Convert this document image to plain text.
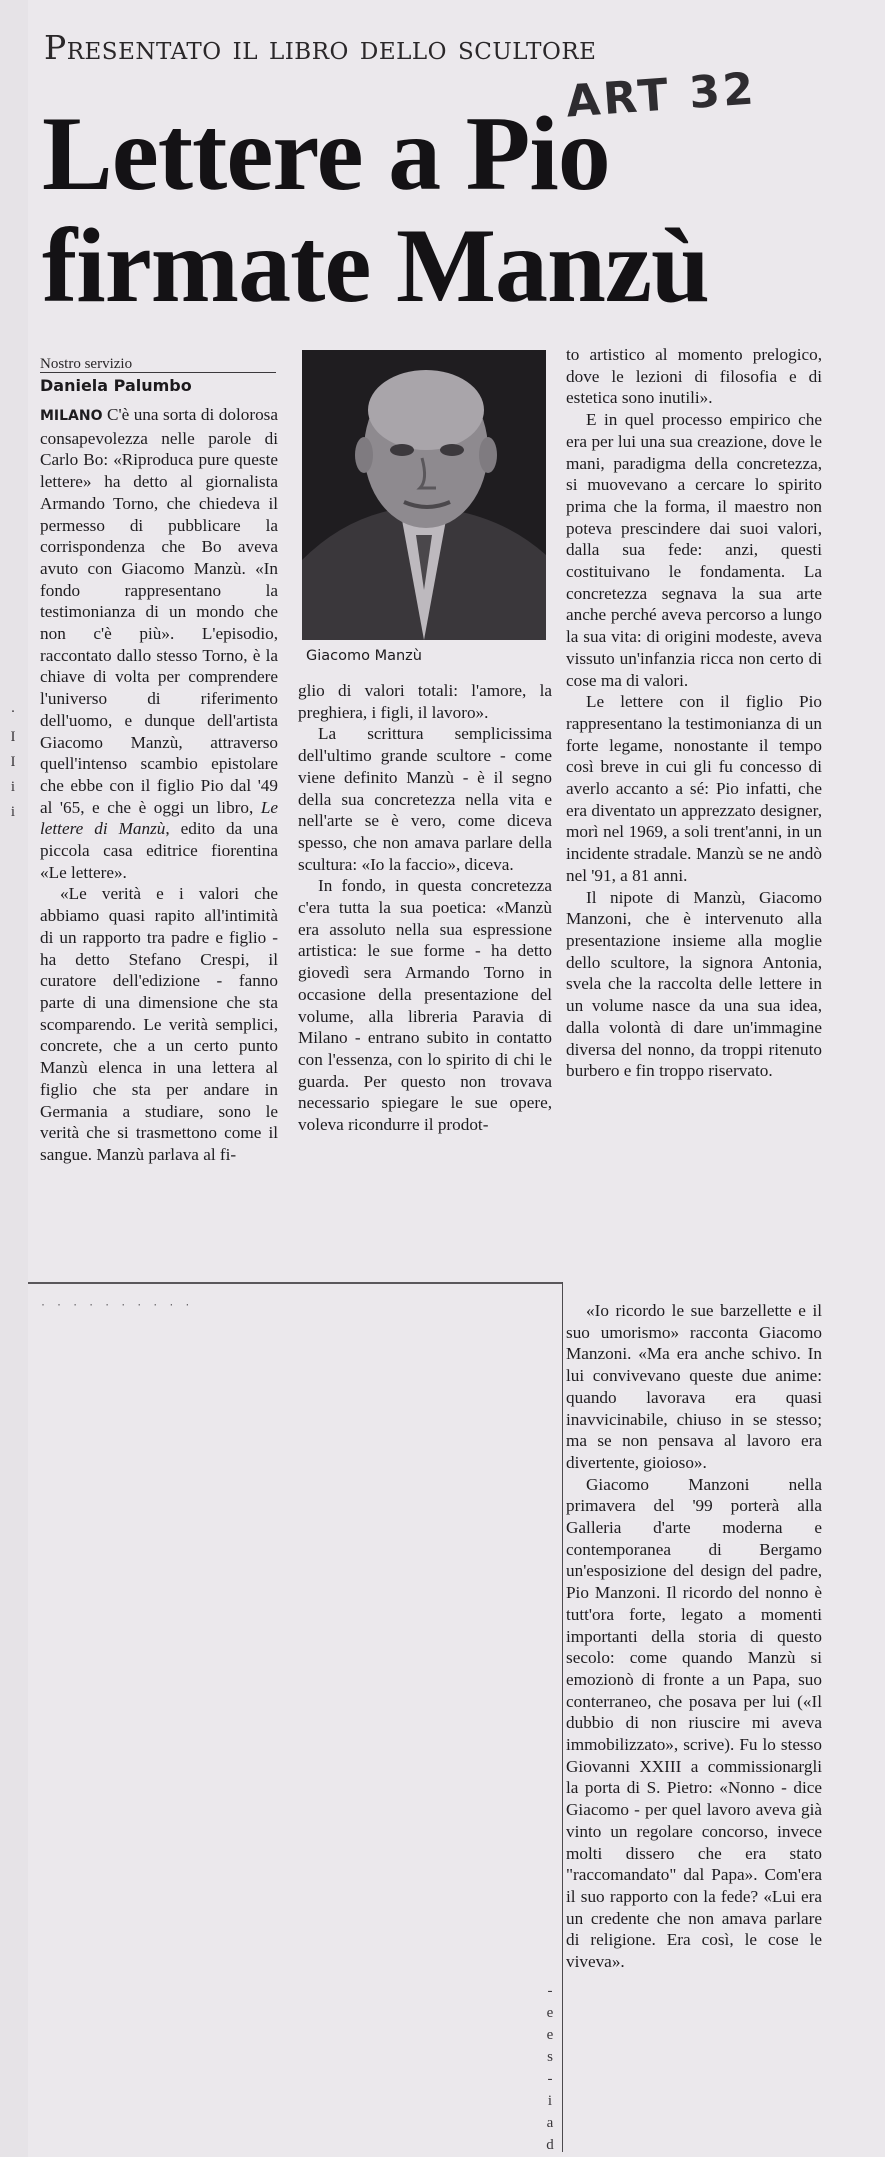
·
I
I
i
i
Presentato il libro dello scultore
ART 32
Lettere a Pio
firmate Manzù
Nostro servizio
Daniela Palumbo

MILANO C'è una sorta di dolorosa consapevolezza nelle parole di Carlo Bo: «Riproduca pure queste lettere» ha detto al giornalista Armando Torno, che chiedeva il permesso di pubblicare la corrispondenza che Bo aveva avuto con Giacomo Manzù. «In fondo rappresentano la testimonianza di un mondo che non c'è più». L'episodio, raccontato dallo stesso Torno, è la chiave di volta per comprendere l'universo di riferimento dell'uomo, e dunque dell'artista Giacomo Manzù, attraverso quell'intenso scambio epistolare che ebbe con il figlio Pio dal '49 al '65, e che è oggi un libro, Le lettere di Manzù, edito da una piccola casa editrice fiorentina «Le lettere».

«Le verità e i valori che abbiamo quasi rapito all'intimità di un rapporto tra padre e figlio - ha detto Stefano Crespi, il curatore dell'edizione - fanno parte di una dimensione che sta scomparendo. Le verità semplici, concrete, che a un certo punto Manzù elenca in una lettera al figlio che sta per andare in Germania a studiare, sono le verità che si trasmettono come il sangue. Manzù parlava al fi-

Giacomo Manzù

glio di valori totali: l'amore, la preghiera, i figli, il lavoro».

La scrittura semplicissima dell'ultimo grande scultore - come viene definito Manzù - è il segno della sua concretezza nella vita e nell'arte se è vero, come diceva spesso, che non amava parlare della scultura: «Io la faccio», diceva.

In fondo, in questa concretezza c'era tutta la sua poetica: «Manzù era assoluto nella sua espressione artistica: le sue forme - ha detto giovedì sera Armando Torno in occasione della presentazione del volume, alla libreria Paravia di Milano - entrano subito in contatto con l'essenza, con lo spirito di chi le guarda. Per questo non trovava necessario spiegare le sue opere, voleva ricondurre il prodot-

to artistico al momento prelogico, dove le lezioni di filosofia e di estetica sono inutili».

E in quel processo empirico che era per lui una sua creazione, dove le mani, paradigma della concretezza, si muovevano a cercare lo spirito prima che la forma, il maestro non poteva prescindere dai suoi valori, dalla sua fede: anzi, questi costituivano le fondamenta. La concretezza segnava la sua arte anche perché aveva percorso a lungo la sua vita: di origini modeste, aveva vissuto un'infanzia ricca non certo di cose ma di valori.

Le lettere con il figlio Pio rappresentano la testimonianza di un forte legame, nonostante il tempo così breve in cui gli fu concesso di averlo accanto a sé: Pio infatti, che era diventato un apprezzato designer, morì nel 1969, a soli trent'anni, in un incidente stradale. Manzù se ne andò nel '91, a 81 anni.

Il nipote di Manzù, Giacomo Manzoni, che è intervenuto alla presentazione insieme alla moglie dello scultore, la signora Antonia, svela che la raccolta delle lettere in un volume nasce da una sua idea, dalla volontà di dare un'immagine diversa del nonno, da troppi ritenuto burbero e fin troppo riservato.

· · · · · · · · · ·	«Io ricordo le sue barzellette e il suo umorismo» racconta Giacomo Manzoni. «Ma era anche schivo. In lui convivevano queste due anime: quando lavorava era quasi inavvicinabile, chiuso in se stesso; ma se non pensava al lavoro era divertente, gioioso».

Giacomo Manzoni nella primavera del '99 porterà alla Galleria d'arte moderna e contemporanea di Bergamo un'esposizione del design del padre, Pio Manzoni. Il ricordo del nonno è tutt'ora forte, legato a momenti importanti della storia di questo secolo: come quando Manzù si emozionò di fronte a un Papa, suo conterraneo, che posava per lui («Il dubbio di non riuscire mi aveva immobilizzato», scrive). Fu lo stesso Giovanni XXIII a commissionargli la porta di S. Pietro: «Nonno - dice Giacomo - per quel lavoro aveva già vinto un regolare concorso, invece molti dissero che era stato "raccomandato" dal Papa». Com'era il suo rapporto con la fede? «Lui era un credente che non amava parlare di religione. Era così, le cose le viveva».

-
e
e
s
-
i
a
d
